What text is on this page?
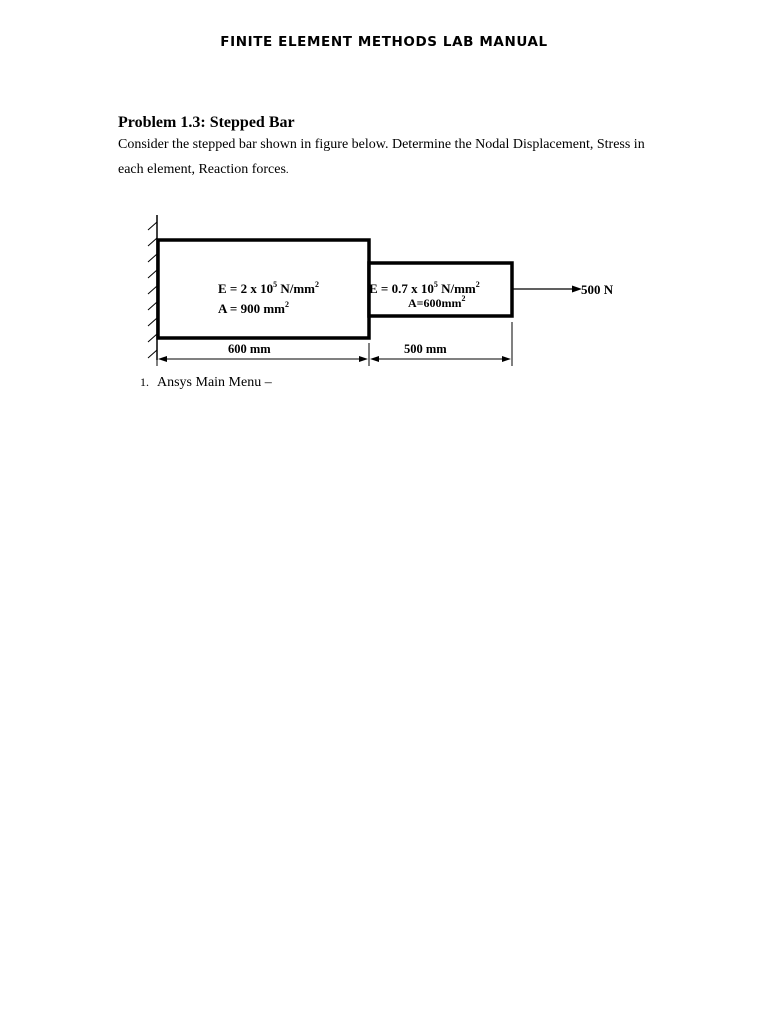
FINITE ELEMENT METHODS LAB MANUAL
Problem 1.3: Stepped Bar
Consider the stepped bar shown in figure below. Determine the Nodal Displacement, Stress in each element, Reaction forces.
E = 2 x $10^5$ $N/mm^2$
A = 900 $mm^2$
E = 0.7 x $10^5$ $N/mm^2$
$A=600mm^2$
500 N
600 mm	500 mm
1. Ansys Main Menu –
